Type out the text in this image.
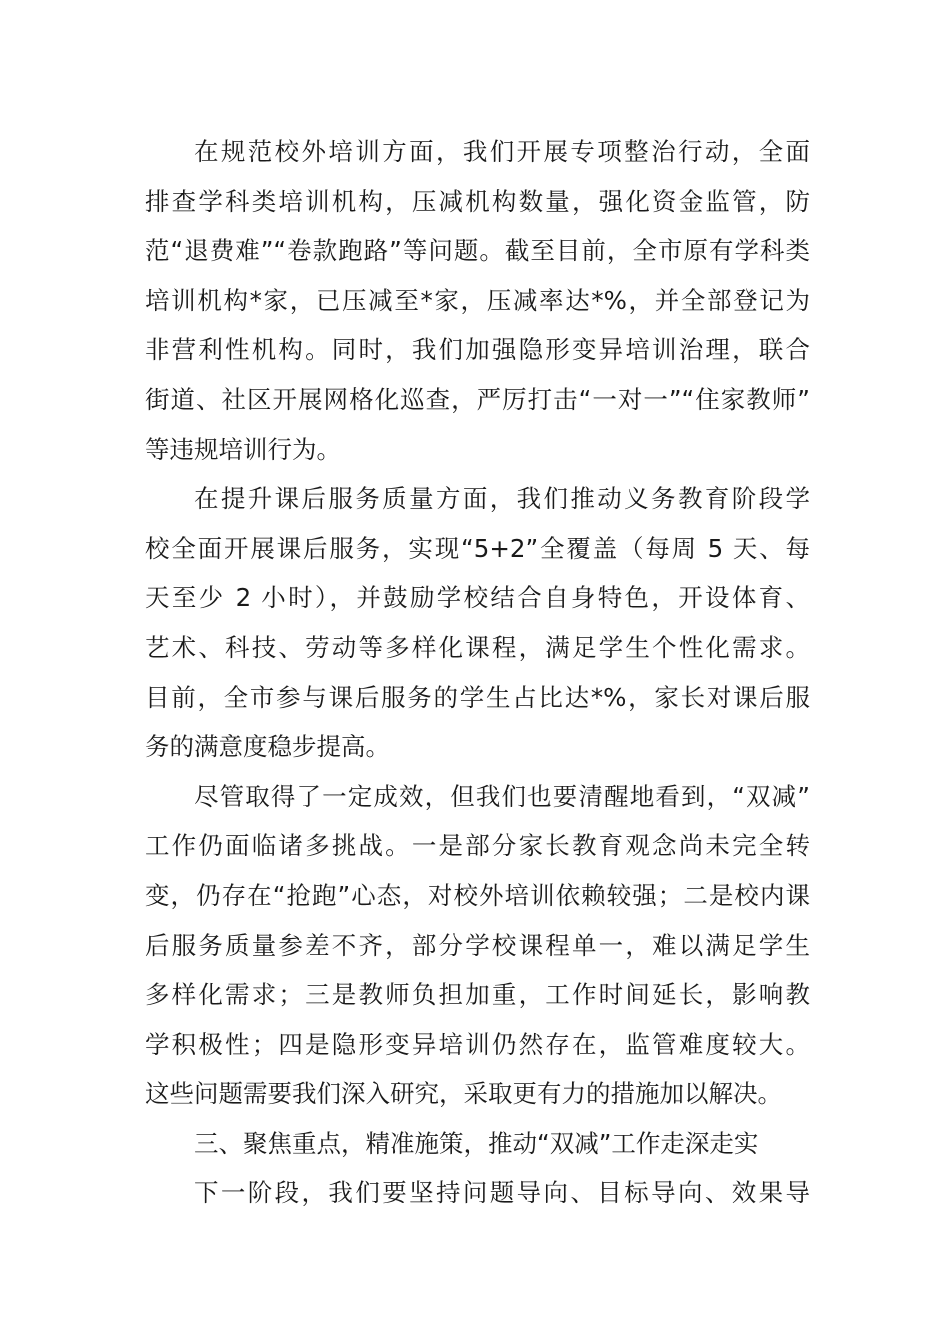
在规范校外培训方面，我们开展专项整治行动，全面
排查学科类培训机构，压减机构数量，强化资金监管，防
范“退费难”“卷款跑路”等问题。截至目前，全市原有学科类
培训机构*家，已压减至*家，压减率达*%，并全部登记为
非营利性机构。同时，我们加强隐形变异培训治理，联合
街道、社区开展网格化巡查，严厉打击“一对一”“住家教师”
等违规培训行为。
在提升课后服务质量方面，我们推动义务教育阶段学
校全面开展课后服务，实现“5+2”全覆盖（每周 5 天、每
天至少 2 小时），并鼓励学校结合自身特色，开设体育、
艺术、科技、劳动等多样化课程，满足学生个性化需求。
目前，全市参与课后服务的学生占比达*%，家长对课后服
务的满意度稳步提高。
尽管取得了一定成效，但我们也要清醒地看到，“双减”
工作仍面临诸多挑战。一是部分家长教育观念尚未完全转
变，仍存在“抢跑”心态，对校外培训依赖较强；二是校内课
后服务质量参差不齐，部分学校课程单一，难以满足学生
多样化需求；三是教师负担加重，工作时间延长，影响教
学积极性；四是隐形变异培训仍然存在，监管难度较大。
这些问题需要我们深入研究，采取更有力的措施加以解决。
三、聚焦重点，精准施策，推动“双减”工作走深走实
下一阶段，我们要坚持问题导向、目标导向、效果导
